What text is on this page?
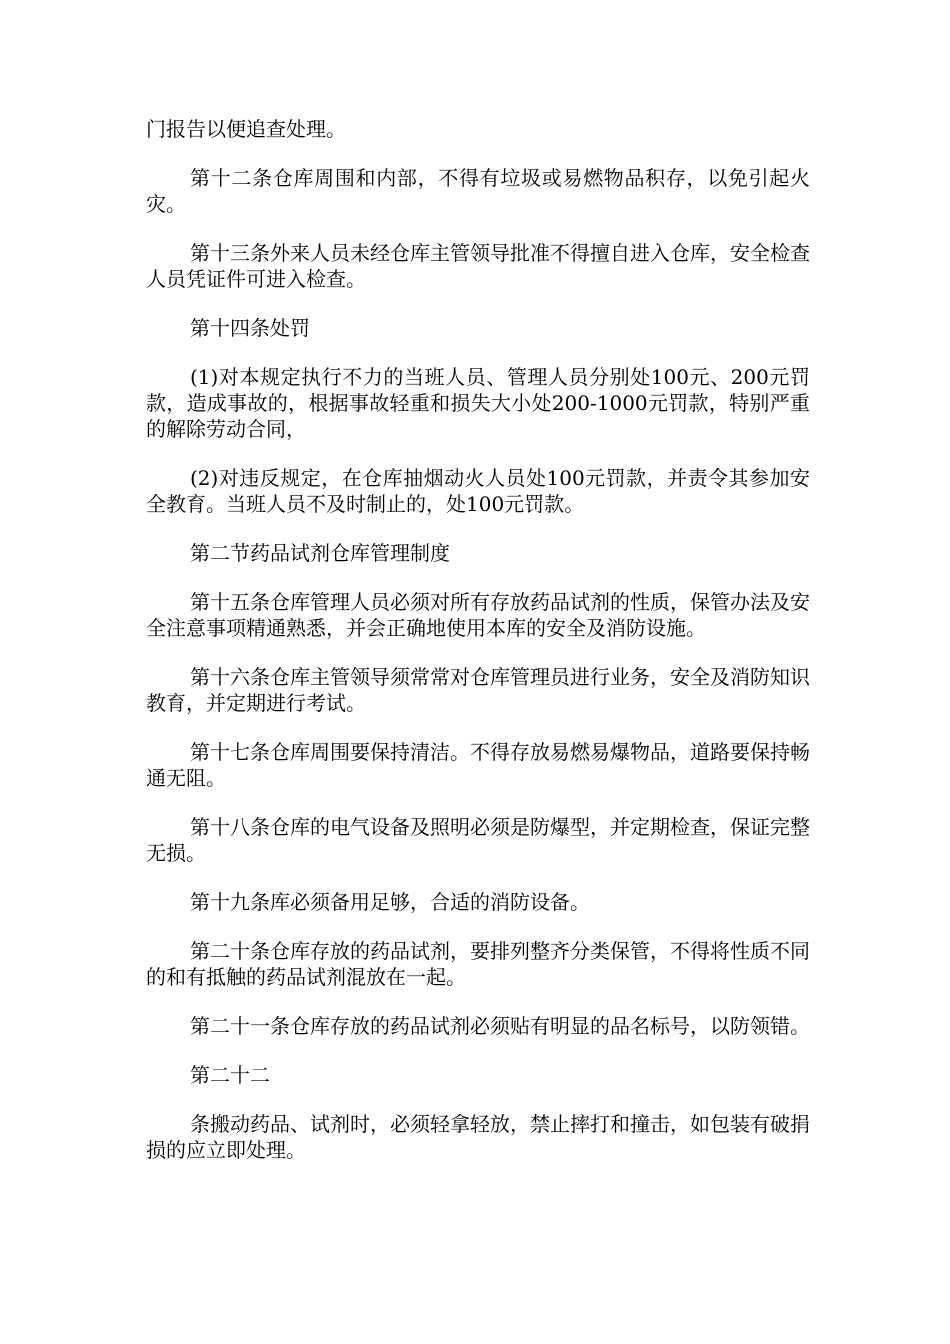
门报告以便追查处理。

第十二条仓库周围和内部，不得有垃圾或易燃物品积存，以免引起火灾。

第十三条外来人员未经仓库主管领导批准不得擅自进入仓库，安全检查人员凭证件可进入检查。

第十四条处罚

(1)对本规定执行不力的当班人员、管理人员分别处100元、200元罚款，造成事故的，根据事故轻重和损失大小处200-1000元罚款，特别严重的解除劳动合同，

(2)对违反规定，在仓库抽烟动火人员处100元罚款，并责令其参加安全教育。当班人员不及时制止的，处100元罚款。

第二节药品试剂仓库管理制度

第十五条仓库管理人员必须对所有存放药品试剂的性质，保管办法及安全注意事项精通熟悉，并会正确地使用本库的安全及消防设施。

第十六条仓库主管领导须常常对仓库管理员进行业务，安全及消防知识教育，并定期进行考试。

第十七条仓库周围要保持清洁。不得存放易燃易爆物品，道路要保持畅通无阻。

第十八条仓库的电气设备及照明必须是防爆型，并定期检查，保证完整无损。

第十九条库必须备用足够，合适的消防设备。

第二十条仓库存放的药品试剂，要排列整齐分类保管，不得将性质不同的和有抵触的药品试剂混放在一起。

第二十一条仓库存放的药品试剂必须贴有明显的品名标号，以防领错。

第二十二

条搬动药品、试剂时，必须轻拿轻放，禁止摔打和撞击，如包装有破捐损的应立即处理。
